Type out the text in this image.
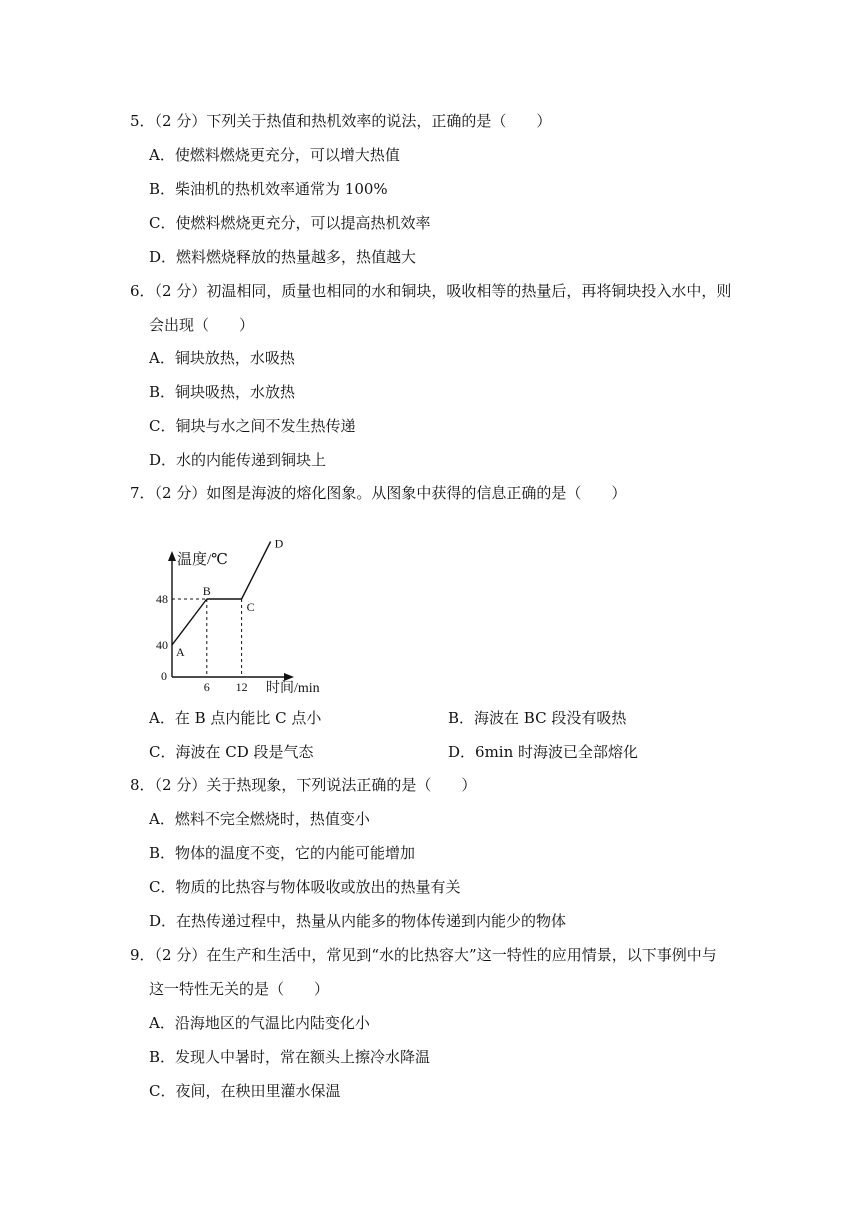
5．（2 分）下列关于热值和热机效率的说法，正确的是（　　）
A．使燃料燃烧更充分，可以增大热值
B．柴油机的热机效率通常为 100%
C．使燃料燃烧更充分，可以提高热机效率
D．燃料燃烧释放的热量越多，热值越大
6．（2 分）初温相同，质量也相同的水和铜块，吸收相等的热量后，再将铜块投入水中，则
会出现（　　）
A．铜块放热，水吸热
B．铜块吸热，水放热
C．铜块与水之间不发生热传递
D．水的内能传递到铜块上
7．（2 分）如图是海波的熔化图象。从图象中获得的信息正确的是（　　）
A
B
C
D
48
40
0
6 12
温度/℃
时间/min
A．在 B 点内能比 C 点小	B．海波在 BC 段没有吸热
C．海波在 CD 段是气态	D．6min 时海波已全部熔化
8．（2 分）关于热现象，下列说法正确的是（　　）
A．燃料不完全燃烧时，热值变小
B．物体的温度不变，它的内能可能增加
C．物质的比热容与物体吸收或放出的热量有关
D．在热传递过程中，热量从内能多的物体传递到内能少的物体
9．（2 分）在生产和生活中，常见到“水的比热容大”这一特性的应用情景，以下事例中与
这一特性无关的是（　　）
A．沿海地区的气温比内陆变化小
B．发现人中暑时，常在额头上擦冷水降温
C．夜间，在秧田里灌水保温
